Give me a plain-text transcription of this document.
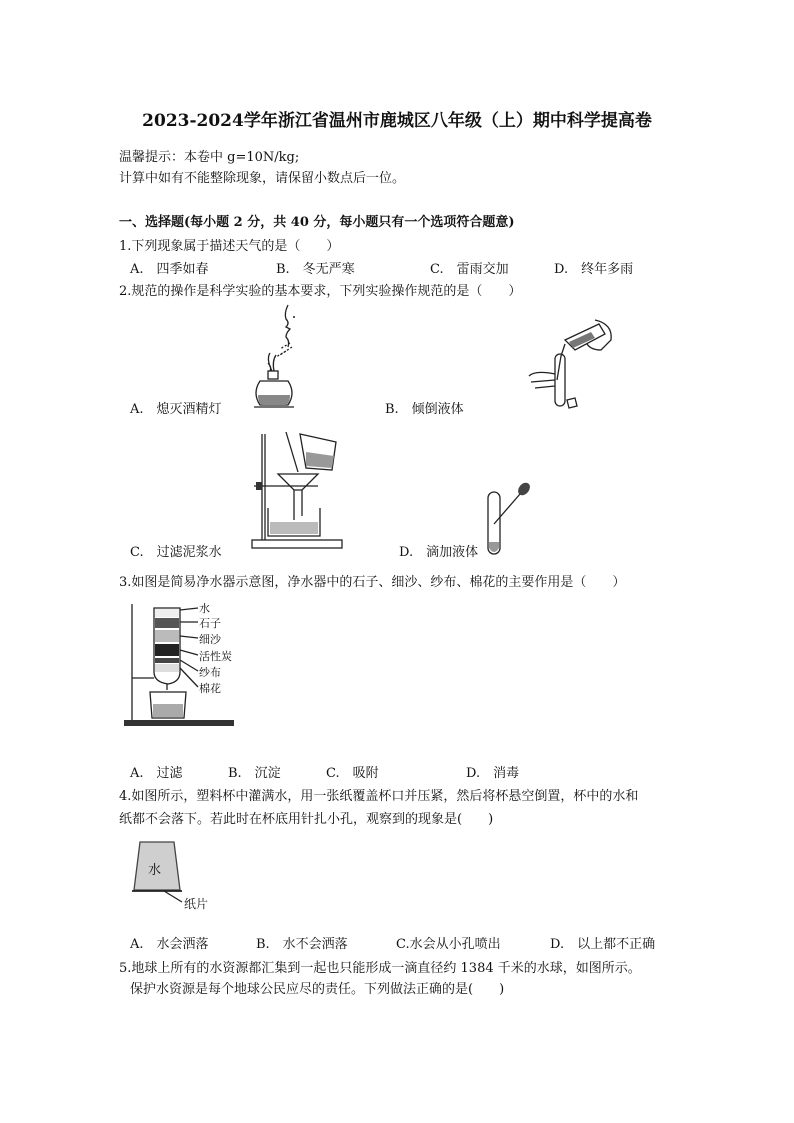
2023-2024学年浙江省温州市鹿城区八年级（上）期中科学提高卷
温馨提示：本卷中 g=10N/kg;
计算中如有不能整除现象，请保留小数点后一位。
一、选择题(每小题 2 分，共 40 分，每小题只有一个选项符合题意)
1.下列现象属于描述天气的是（　　）
A.　四季如春	B.　冬无严寒	C.　雷雨交加	D.　终年多雨
2.规范的操作是科学实验的基本要求，下列实验操作规范的是（　　）
A.　熄灭酒精灯	B.　倾倒液体
C.　过滤泥浆水	D.　滴加液体
3.如图是简易净水器示意图，净水器中的石子、细沙、纱布、棉花的主要作用是（　　）
水
石子
细沙
活性炭
纱布
棉花
A.　过滤	B.　沉淀	C.　吸附	D.　消毒
4.如图所示，塑料杯中灌满水，用一张纸覆盖杯口并压紧，然后将杯悬空倒置，杯中的水和
纸都不会落下。若此时在杯底用针扎小孔，观察到的现象是(　　)
水
纸片
A.　水会洒落	B.　水不会洒落	C.水会从小孔喷出	D.　以上都不正确
5.地球上所有的水资源都汇集到一起也只能形成一滴直径约 1384 千米的水球，如图所示。
保护水资源是每个地球公民应尽的责任。下列做法正确的是(　　)
